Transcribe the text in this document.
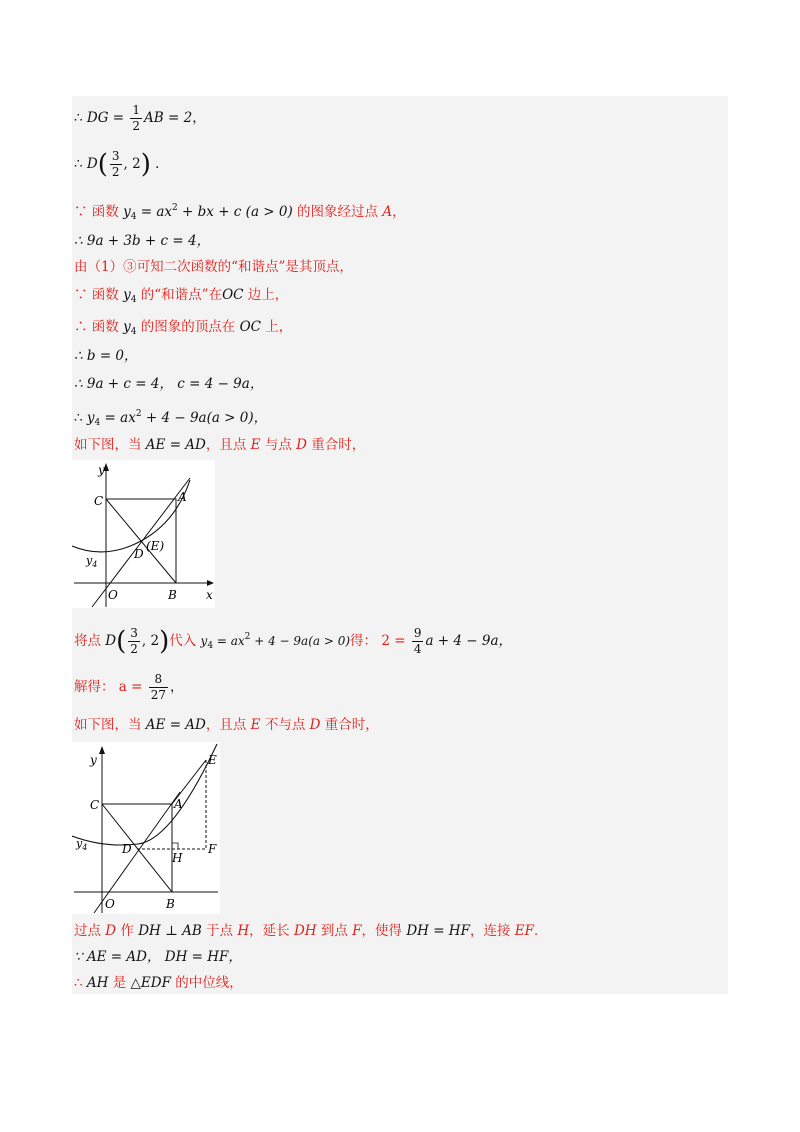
∴ DG = $\frac{1}{2}$ AB = 2，
∴ $D( \frac{3}{2}$ , 2) ．
∵ 函数 $y_4 = ax^2$ + bx + c (a > 0) 的图象经过点 A，
∴ 9a + 3b + c = 4，
由（1）③可知二次函数的“和谐点”是其顶点，
∵ 函数 $y_4$ 的“和谐点”在OC 边上，
∴ 函数 $y_4$ 的图象的顶点在 OC 上，
∴ b = 0，
∴ 9a + c = 4， c = 4 − 9a，
∴ $y_4 = ax^2 + 4 - 9a(a > 0)$，
如下图，当 AE = AD，且点 E 与点 D 重合时，
y
x
C	A
D
(E)
O	B
$y_4$
将点 $D( \frac{3}{2}$ , 2)代入 $y_4 = ax^2 + 4 - 9a(a > 0)$得： $2 = \frac{9}{4}$ a + 4 − 9a，
解得： $a = \frac{8}{27}$ ，
如下图，当 AE = AD，且点 E 不与点 D 重合时，
y
C	A
E
F
H
D
O	B
$y_4$
过点 D 作 DH ⊥ AB 于点 H，延长 DH 到点 F，使得 DH = HF，连接 EF．
∵ AE = AD， DH = HF，
∴ AH 是 △EDF 的中位线，
